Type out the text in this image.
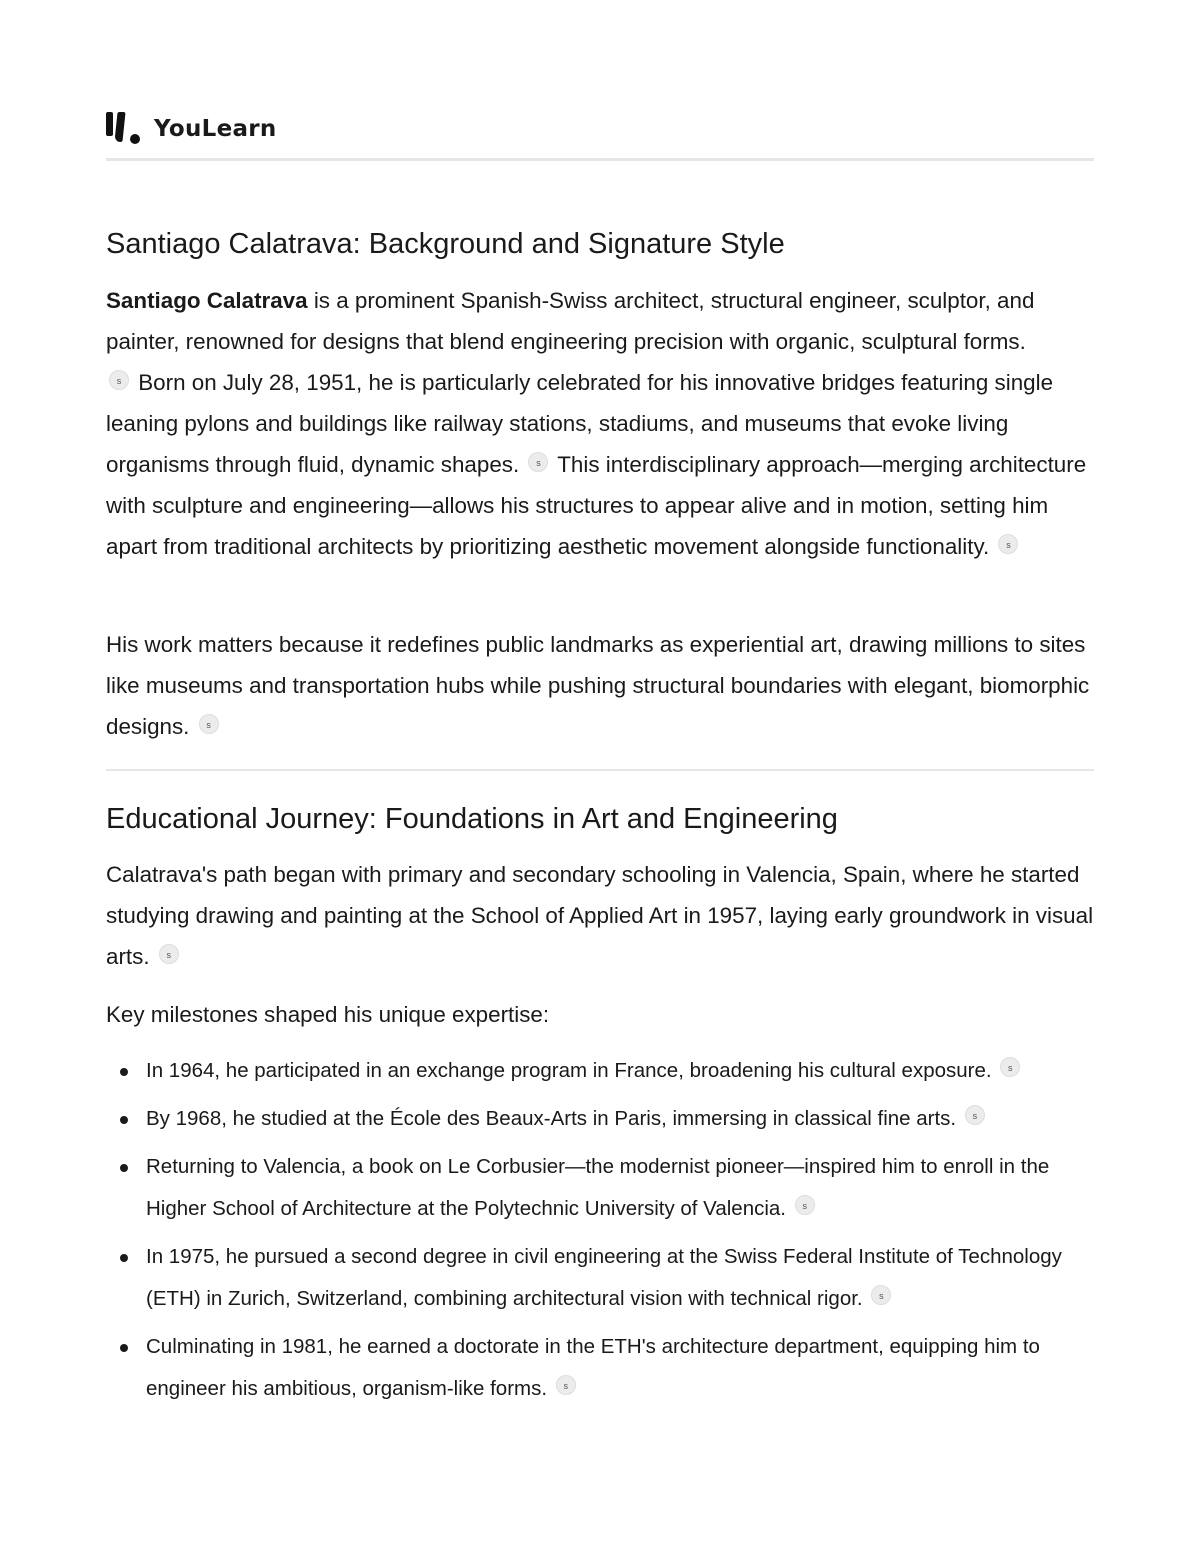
YouLearn
Santiago Calatrava: Background and Signature Style

Santiago Calatrava is a prominent Spanish-Swiss architect, structural engineer, sculptor, and painter, renowned for designs that blend engineering precision with organic, sculptural forms.
s Born on July 28, 1951, he is particularly celebrated for his innovative bridges featuring single leaning pylons and buildings like railway stations, stadiums, and museums that evoke living organisms through fluid, dynamic shapes. s This interdisciplinary approach—merging architecture with sculpture and engineering—allows his structures to appear alive and in motion, setting him apart from traditional architects by prioritizing aesthetic movement alongside functionality. s

His work matters because it redefines public landmarks as experiential art, drawing millions to sites like museums and transportation hubs while pushing structural boundaries with elegant, biomorphic designs. s

Educational Journey: Foundations in Art and Engineering

Calatrava's path began with primary and secondary schooling in Valencia, Spain, where he started studying drawing and painting at the School of Applied Art in 1957, laying early groundwork in visual arts. s

Key milestones shaped his unique expertise:

In 1964, he participated in an exchange program in France, broadening his cultural exposure. s
By 1968, he studied at the École des Beaux-Arts in Paris, immersing in classical fine arts. s
Returning to Valencia, a book on Le Corbusier—the modernist pioneer—inspired him to enroll in the Higher School of Architecture at the Polytechnic University of Valencia. s
In 1975, he pursued a second degree in civil engineering at the Swiss Federal Institute of Technology (ETH) in Zurich, Switzerland, combining architectural vision with technical rigor. s
Culminating in 1981, he earned a doctorate in the ETH's architecture department, equipping him to engineer his ambitious, organism-like forms. s
